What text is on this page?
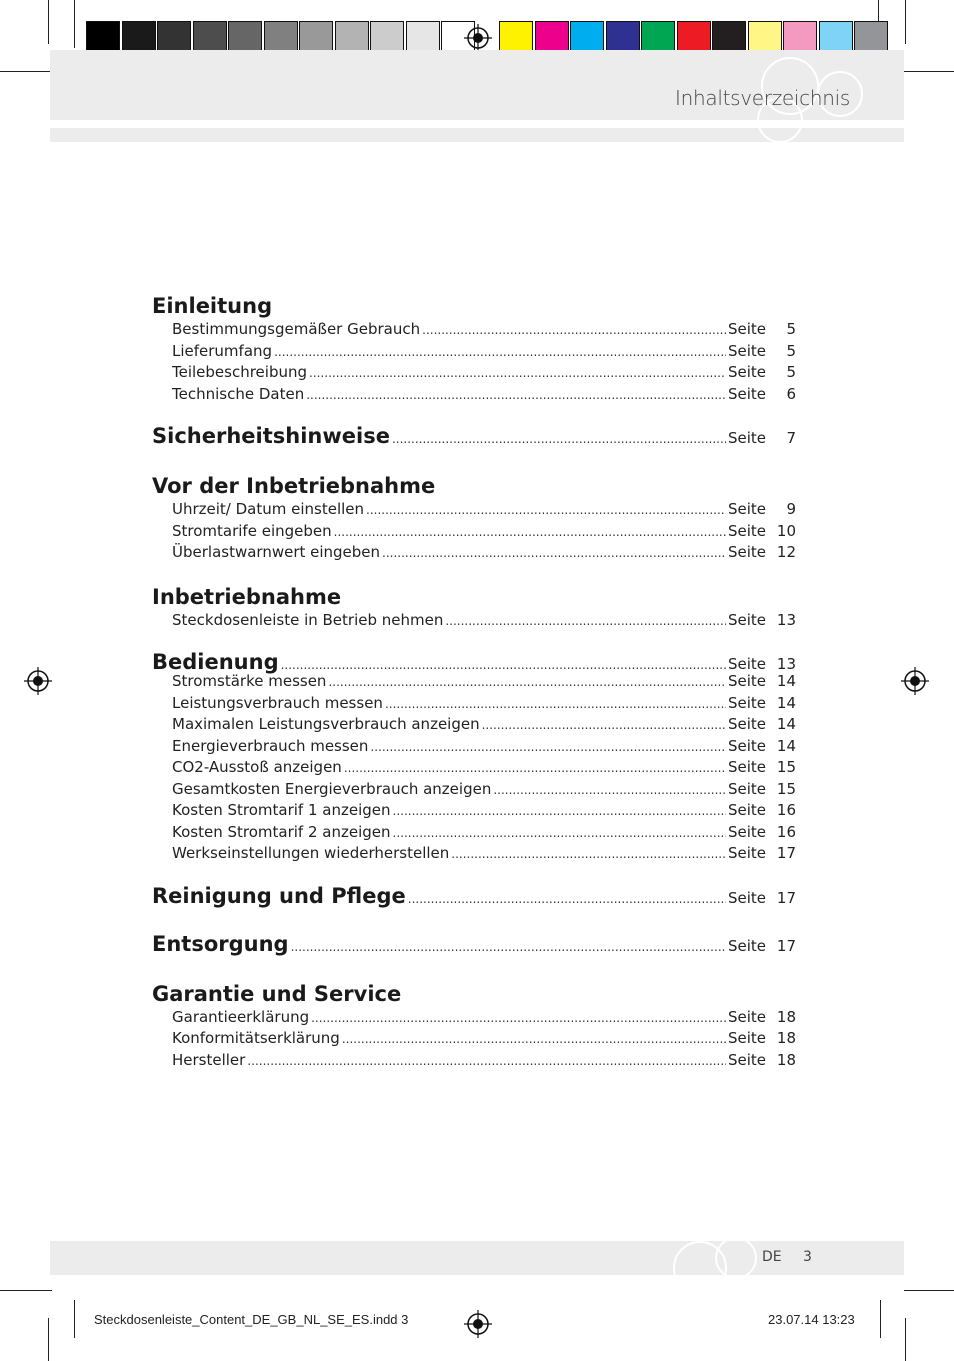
Inhaltsverzeichnis
Einleitung
Bestimmungsgemäßer Gebrauch .....	Seite	5
Lieferumfang .....	Seite	5
Teilebeschreibung .....	Seite	5
Technische Daten .....	Seite	6
Sicherheitshinweise .....	Seite	7
Vor der Inbetriebnahme
Uhrzeit/ Datum einstellen .....	Seite	9
Stromtarife eingeben .....	Seite 10
Überlastwarnwert eingeben .....	Seite 12
Inbetriebnahme
Steckdosenleiste in Betrieb nehmen .....	Seite 13
Bedienung .....	Seite 13
Stromstärke messen .....	Seite 14
Leistungsverbrauch messen .....	Seite 14
Maximalen Leistungsverbrauch anzeigen .....	Seite 14
Energieverbrauch messen .....	Seite 14
CO2-Ausstoß anzeigen .....	Seite 15
Gesamtkosten Energieverbrauch anzeigen .....	Seite 15
Kosten Stromtarif 1 anzeigen .....	Seite 16
Kosten Stromtarif 2 anzeigen .....	Seite 16
Werkseinstellungen wiederherstellen .....	Seite 17
Reinigung und Pflege .....	Seite 17
Entsorgung .....	Seite 17
Garantie und Service
Garantieerklärung .....	Seite 18
Konformitätserklärung .....	Seite 18
Hersteller .....	Seite 18
DE 3
Steckdosenleiste_Content_DE_GB_NL_SE_ES.indd 3	23.07.14 13:23
